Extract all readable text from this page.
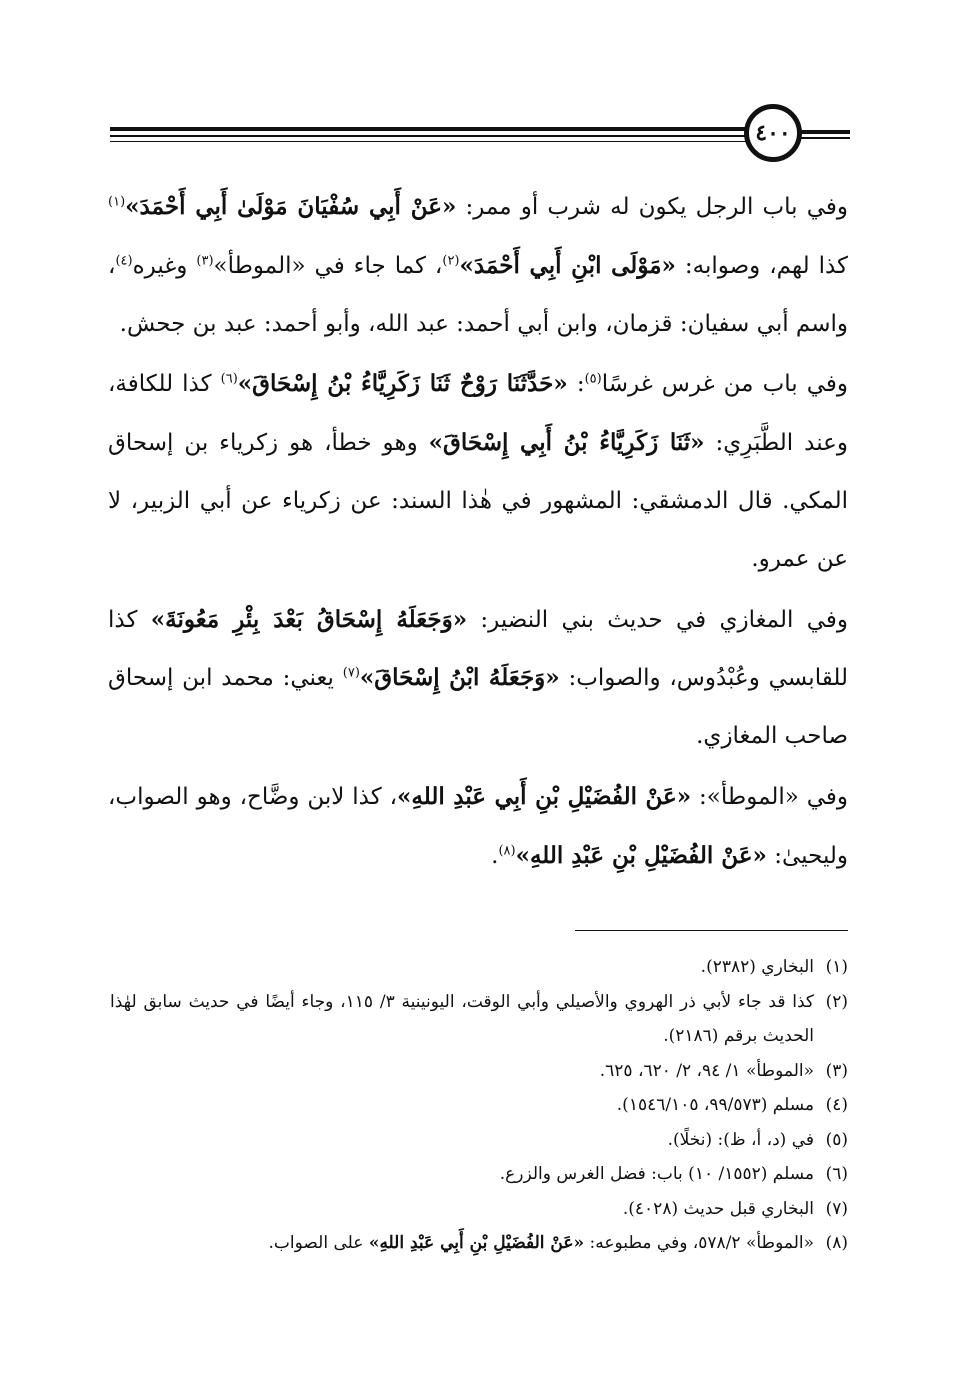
٤٠٠

وفي باب الرجل يكون له شرب أو ممر: «عَنْ أَبِي سُفْيَانَ مَوْلَىٰ أَبِي أَحْمَدَ»$^{(١)}$ كذا لهم، وصوابه: «مَوْلَى ابْنِ أَبِي أَحْمَدَ»$^{(٢)}$، كما جاء في «الموطأ»$^{(٣)}$ وغيره$^{(٤)}$، واسم أبي سفيان: قزمان، وابن أبي أحمد: عبد الله، وأبو أحمد: عبد بن جحش.

وفي باب من غرس غرسًا$^{(٥)}$: «حَدَّثَنَا رَوْحٌ ثَنَا زَكَرِيَّاءُ بْنُ إِسْحَاقَ»$^{(٦)}$ كذا للكافة، وعند الطَّبَرِي: «ثَنَا زَكَرِيَّاءُ بْنُ أَبِي إِسْحَاقَ» وهو خطأ، هو زكرياء بن إسحاق المكي. قال الدمشقي: المشهور في هٰذا السند: عن زكرياء عن أبي الزبير، لا عن عمرو.

وفي المغازي في حديث بني النضير: «وَجَعَلَهُ إِسْحَاقُ بَعْدَ بِئْرِ مَعُونَةَ» كذا للقابسي وعُبْدُوس، والصواب: «وَجَعَلَهُ ابْنُ إِسْحَاقَ»$^{(٧)}$ يعني: محمد ابن إسحاق صاحب المغازي.

وفي «الموطأ»: «عَنْ الفُضَيْلِ بْنِ أَبِي عَبْدِ اللهِ»، كذا لابن وضَّاح، وهو الصواب، وليحيىٰ: «عَنْ الفُضَيْلِ بْنِ عَبْدِ اللهِ»$^{(٨)}$.

(١)
البخاري (٢٣٨٢).
(٢)
كذا قد جاء لأبي ذر الهروي والأصيلي وأبي الوقت، اليونينية ٣/ ١١٥، وجاء أيضًا في حديث سابق لهٰذا الحديث برقم (٢١٨٦).
(٣)
«الموطأ» ١/ ٩٤، ٢/ ٦٢٠، ٦٢٥.
(٤)
مسلم (٩٩/٥٧٣، ١٥٤٦/١٠٥).
(٥)
في (د، أ، ظ): (نخلًا).
(٦)
مسلم (١٥٥٢/ ١٠) باب: فضل الغرس والزرع.
(٧)
البخاري قبل حديث (٤٠٢٨).
(٨)
«الموطأ» ٥٧٨/٢، وفي مطبوعه: «عَنْ الفُضَيْلِ بْنِ أَبِي عَبْدِ اللهِ» على الصواب.
